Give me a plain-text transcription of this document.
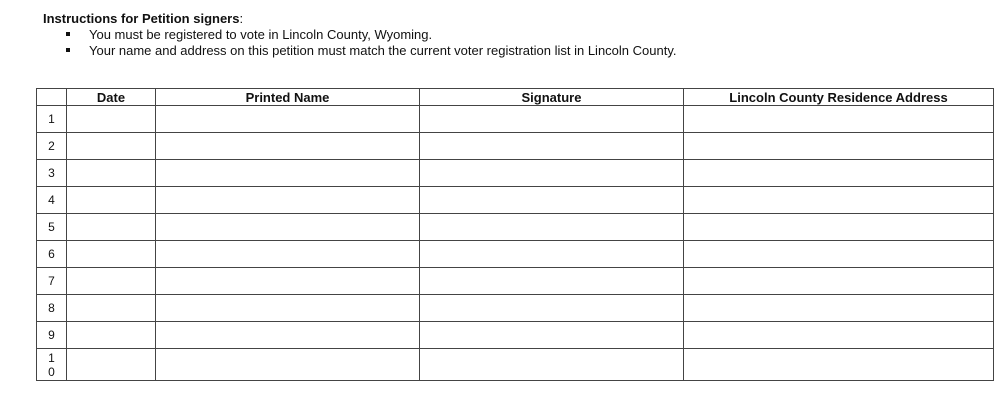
Instructions for Petition signers:
You must be registered to vote in Lincoln County, Wyoming.
Your name and address on this petition must match the current voter registration list in Lincoln County.
	Date	Printed Name	Signature	Lincoln County Residence Address
1				
2				
3				
4				
5				
6				
7				
8				
9				
10				
